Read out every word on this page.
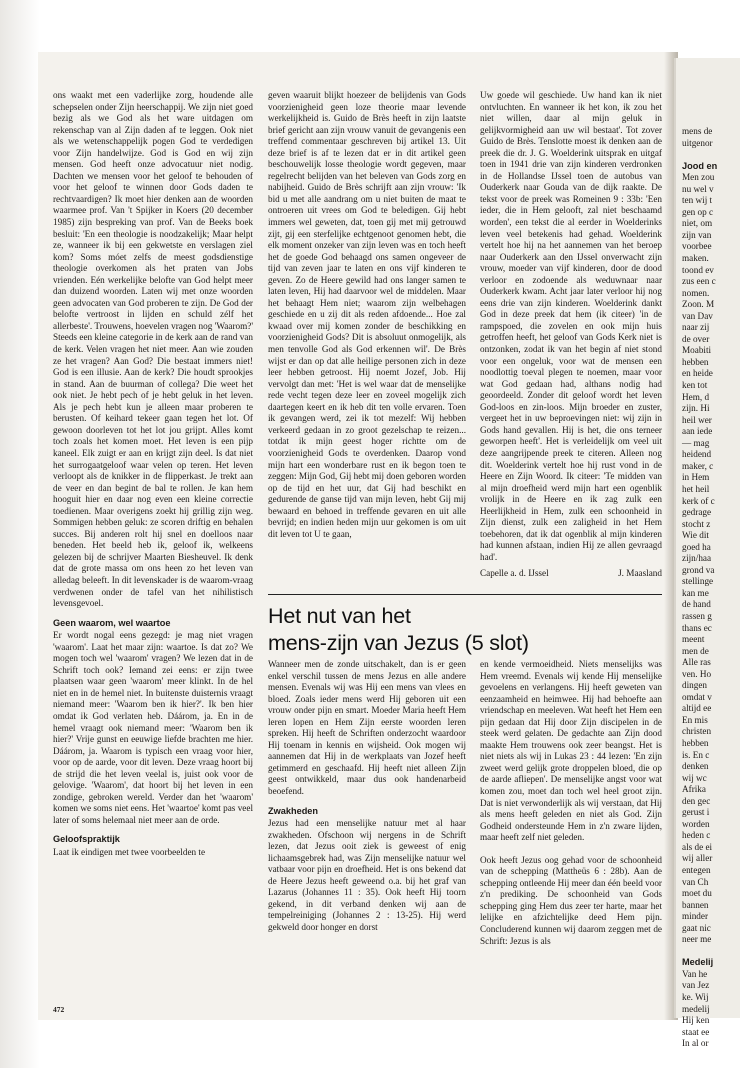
mens de
uitgenor

Jood en
Men zou
nu wel v
ten wij t
gen op c
niet, om
zijn van
voorbee
maken.
toond ev
zus een c
nomen.
Zoon. M
van Dav
naar zij
de over
Moabiti
hebben
en heide
ken tot
Hem, d
zijn. Hi
heil wer
aan iede
— mag
heidend
maker, c
in Hem
het heil
kerk of c
gedrage
stocht z
Wie dit
goed ha
zijn/haa
grond va
stellinge
kan me
de hand
rassen g
thans ec
meent
men de
Alle ras
ven. Ho
dingen
omdat v
altijd ee
En mis
christen
hebben
is. En c
denken
wij wc
Afrika
den gec
gerust i
worden
heden c
als de ei
wij aller
entegen
van Ch
moet du
bannen
minder
gaat nic
neer me

Medelij
Van he
van Jez
ke. Wij
medelij
Hij ken
staat ee
In al or

ons waakt met een vaderlijke zorg, houdende alle schepselen onder Zijn heerschappij. We zijn niet goed bezig als we God als het ware uitdagen om rekenschap van al Zijn daden af te leggen. Ook niet als we wetenschappelijk pogen God te verdedigen voor Zijn handelwijze. God is God en wij zijn mensen. God heeft onze advocatuur niet nodig. Dachten we mensen voor het geloof te behouden of voor het geloof te winnen door Gods daden te rechtvaardigen? Ik moet hier denken aan de woorden waarmee prof. Van 't Spijker in Koers (20 december 1985) zijn bespreking van prof. Van de Beeks boek besluit: 'En een theologie is noodzakelijk; Maar helpt ze, wanneer ik bij een gekwetste en verslagen ziel kom? Soms móet zelfs de meest godsdienstige theologie overkomen als het praten van Jobs vrienden. Eén werkelijke belofte van God helpt meer dan duizend woorden. Laten wij met onze woorden geen advocaten van God proberen te zijn. De God der belofte vertroost in lijden en schuld zélf het allerbeste'. Trouwens, hoevelen vragen nog 'Waarom?' Steeds een kleine categorie in de kerk aan de rand van de kerk. Velen vragen het niet meer. Aan wie zouden ze het vragen? Aan God? Die bestaat immers niet! God is een illusie. Aan de kerk? Die houdt sprookjes in stand. Aan de buurman of collega? Die weet het ook niet. Je hebt pech of je hebt geluk in het leven. Als je pech hebt kun je alleen maar proberen te berusten. Of keihard tekeer gaan tegen het lot. Of gewoon doorleven tot het lot jou grijpt. Alles komt toch zoals het komen moet. Het leven is een pijp kaneel. Elk zuigt er aan en krijgt zijn deel. Is dat niet het surrogaatgeloof waar velen op teren. Het leven verloopt als de knikker in de flipperkast. Je trekt aan de veer en dan begint de bal te rollen. Je kan hem hooguit hier en daar nog even een kleine correctie toedienen. Maar overigens zoekt hij grillig zijn weg. Sommigen hebben geluk: ze scoren driftig en behalen succes. Bij anderen rolt hij snel en doelloos naar beneden. Het beeld heb ik, geloof ik, welkeens gelezen bij de schrijver Maarten Biesheuvel. Ik denk dat de grote massa om ons heen zo het leven van alledag beleeft. In dit levenskader is de waarom-vraag verdwenen onder de tafel van het nihilistisch levensgevoel.

Geen waarom, wel waartoe

Er wordt nogal eens gezegd: je mag niet vragen 'waarom'. Laat het maar zijn: waartoe. Is dat zo? We mogen toch wel 'waarom' vragen? We lezen dat in de Schrift toch ook? Iemand zei eens: er zijn twee plaatsen waar geen 'waarom' meer klinkt. In de hel niet en in de hemel niet. In buitenste duisternis vraagt niemand meer: 'Waarom ben ik hier?'. Ik ben hier omdat ik God verlaten heb. Dáárom, ja. En in de hemel vraagt ook niemand meer: 'Waarom ben ik hier?' Vrije gunst en eeuwige liefde brachten me hier. Dáárom, ja. Waarom is typisch een vraag voor hier, voor op de aarde, voor dit leven. Deze vraag hoort bij de strijd die het leven veelal is, juist ook voor de gelovige. 'Waarom', dat hoort bij het leven in een zondige, gebroken wereld. Verder dan het 'waarom' komen we soms niet eens. Het 'waartoe' komt pas veel later of soms helemaal niet meer aan de orde.

Geloofspraktijk

Laat ik eindigen met twee voorbeelden te

geven waaruit blijkt hoezeer de belijdenis van Gods voorzienigheid geen loze theorie maar levende werkelijkheid is. Guido de Brès heeft in zijn laatste brief gericht aan zijn vrouw vanuit de gevangenis een treffend commentaar geschreven bij artikel 13. Uit deze brief is af te lezen dat er in dit artikel geen beschouwelijk losse theologie wordt gegeven, maar regelrecht belijden van het beleven van Gods zorg en nabijheid. Guido de Brès schrijft aan zijn vrouw: 'Ik bid u met alle aandrang om u niet buiten de maat te ontroeren uit vrees om God te beledigen. Gij hebt immers wel geweten, dat, toen gij met mij getrouwd zijt, gij een sterfelijke echtgenoot genomen hebt, die elk moment onzeker van zijn leven was en toch heeft het de goede God behaagd ons samen ongeveer de tijd van zeven jaar te laten en ons vijf kinderen te geven. Zo de Heere gewild had ons langer samen te laten leven, Hij had daarvoor wel de middelen. Maar het behaagt Hem niet; waarom zijn welbehagen geschiede en u zij dit als reden afdoende... Hoe zal kwaad over mij komen zonder de beschikking en voorzienigheid Gods? Dit is absoluut onmogelijk, als men tenvolle God als God erkennen wil'. De Brès wijst er dan op dat alle heilige personen zich in deze leer hebben getroost. Hij noemt Jozef, Job. Hij vervolgt dan met: 'Het is wel waar dat de menselijke rede vecht tegen deze leer en zoveel mogelijk zich daartegen keert en ik heb dit ten volle ervaren. Toen ik gevangen werd, zei ik tot mezelf: Wij hebben verkeerd gedaan in zo groot gezelschap te reizen... totdat ik mijn geest hoger richtte om de voorzienigheid Gods te overdenken. Daarop vond mijn hart een wonderbare rust en ik begon toen te zeggen: Mijn God, Gij hebt mij doen geboren worden op de tijd en het uur, dat Gij had beschikt en gedurende de ganse tijd van mijn leven, hebt Gij mij bewaard en behoed in treffende gevaren en uit alle bevrijd; en indien heden mijn uur gekomen is om uit dit leven tot U te gaan,

Uw goede wil geschiede. Uw hand kan ik niet ontvluchten. En wanneer ik het kon, ik zou het niet willen, daar al mijn geluk in gelijkvormigheid aan uw wil bestaat'. Tot zover Guido de Brès. Tenslotte moest ik denken aan de preek die dr. J. G. Woelderink uitsprak en uitgaf toen in 1941 drie van zijn kinderen verdronken in de Hollandse IJssel toen de autobus van Ouderkerk naar Gouda van de dijk raakte. De tekst voor de preek was Romeinen 9 : 33b: 'Een ieder, die in Hem gelooft, zal niet beschaamd worden', een tekst die al eerder in Woelderinks leven veel betekenis had gehad. Woelderink vertelt hoe hij na het aannemen van het beroep naar Ouderkerk aan den IJssel onverwacht zijn vrouw, moeder van vijf kinderen, door de dood verloor en zodoende als weduwnaar naar Ouderkerk kwam. Acht jaar later verloor hij nog eens drie van zijn kinderen. Woelderink dankt God in deze preek dat hem (ik citeer) 'in de rampspoed, die zovelen en ook mijn huis getroffen heeft, het geloof van Gods Kerk niet is ontzonken, zodat ik van het begin af niet stond voor een ongeluk, voor wat de mensen een noodlottig toeval plegen te noemen, maar voor wat God gedaan had, althans nodig had geoordeeld. Zonder dit geloof wordt het leven God-loos en zin-loos. Mijn broeder en zuster, vergeet het in uw beproevingen niet: wij zijn in Gods hand gevallen. Hij is het, die ons terneer geworpen heeft'. Het is verleidelijk om veel uit deze aangrijpende preek te citeren. Alleen nog dit. Woelderink vertelt hoe hij rust vond in de Heere en Zijn Woord. Ik citeer: 'Te midden van al mijn droefheid werd mijn hart een ogenblik vrolijk in de Heere en ik zag zulk een Heerlijkheid in Hem, zulk een schoonheid in Zijn dienst, zulk een zaligheid in het Hem toebehoren, dat ik dat ogenblik al mijn kinderen had kunnen afstaan, indien Hij ze allen gevraagd had'.

Capelle a. d. IJssel	J. Maasland
Het nut van het
mens-zijn van Jezus (5 slot)

Wanneer men de zonde uitschakelt, dan is er geen enkel verschil tussen de mens Jezus en alle andere mensen. Evenals wij was Hij een mens van vlees en bloed. Zoals ieder mens werd Hij geboren uit een vrouw onder pijn en smart. Moeder Maria heeft Hem leren lopen en Hem Zijn eerste woorden leren spreken. Hij heeft de Schriften onderzocht waardoor Hij toenam in kennis en wijsheid. Ook mogen wij aannemen dat Hij in de werkplaats van Jozef heeft getimmerd en geschaafd. Hij heeft niet alleen Zijn geest ontwikkeld, maar dus ook handenarbeid beoefend.

Zwakheden

Jezus had een menselijke natuur met al haar zwakheden. Ofschoon wij nergens in de Schrift lezen, dat Jezus ooit ziek is geweest of enig lichaamsgebrek had, was Zijn menselijke natuur wel vatbaar voor pijn en droefheid. Het is ons bekend dat de Heere Jezus heeft geweend o.a. bij het graf van Lazarus (Johannes 11 : 35). Ook heeft Hij toorn gekend, in dit verband denken wij aan de tempelreiniging (Johannes 2 : 13-25). Hij werd gekweld door honger en dorst

en kende vermoeidheid. Niets menselijks was Hem vreemd. Evenals wij kende Hij menselijke gevoelens en verlangens. Hij heeft geweten van eenzaamheid en heimwee. Hij had behoefte aan vriendschap en meeleven. Wat heeft het Hem een pijn gedaan dat Hij door Zijn discipelen in de steek werd gelaten. De gedachte aan Zijn dood maakte Hem trouwens ook zeer beangst. Het is niet niets als wij in Lukas 23 : 44 lezen: 'En zijn zweet werd gelijk grote droppelen bloed, die op de aarde afliepen'. De menselijke angst voor wat komen zou, moet dan toch wel heel groot zijn. Dat is niet verwonderlijk als wij verstaan, dat Hij als mens heeft geleden en niet als God. Zijn Godheid ondersteunde Hem in z'n zware lijden, maar heeft zelf niet geleden.

Ook heeft Jezus oog gehad voor de schoonheid van de schepping (Mattheüs 6 : 28b). Aan de schepping ontleende Hij meer dan één beeld voor z'n prediking. De schoonheid van Gods schepping ging Hem dus zeer ter harte, maar het lelijke en afzichtelijke deed Hem pijn. Concluderend kunnen wij daarom zeggen met de Schrift: Jezus is als

472
